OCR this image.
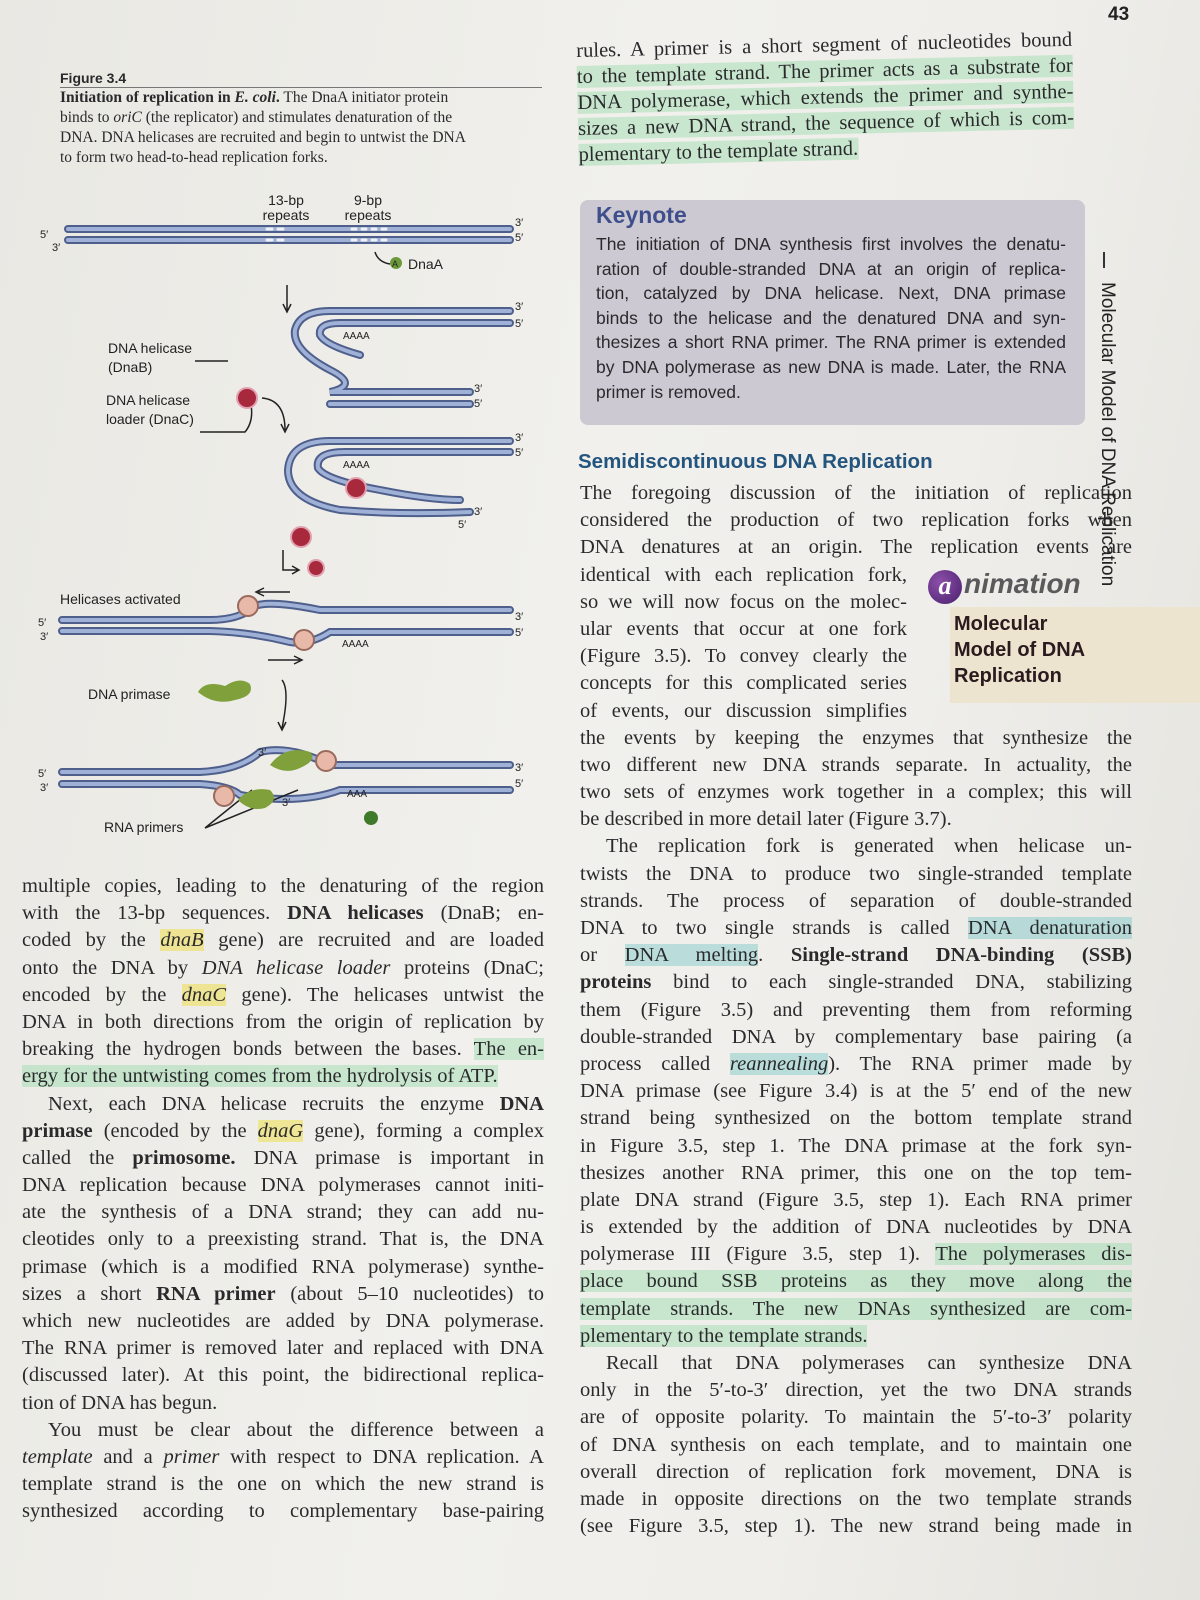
43
Figure 3.4
Initiation of replication in E. coli. The DnaA initiator protein
binds to oriC (the replicator) and stimulates denaturation of the
DNA. DNA helicases are recruited and begin to untwist the DNA
to form two head-to-head replication forks.
13-bp
repeats
9-bp
repeats
A DnaA
DNA helicase
(DnaB)
DNA helicase
loader (DnaC)
Helicases activated
DNA primase
RNA primers
AAAA
AAAA
AAAA
AAA
5′
3′
3′
5′
3′
5′
3′
5′
3′
5′
3′
5′
5′
3′
3′
5′
5′
3′
3′
5′
3′
3′
multiple copies, leading to the denaturing of the region
with the 13-bp sequences. DNA helicases (DnaB; en-
coded by the dnaB gene) are recruited and are loaded
onto the DNA by DNA helicase loader proteins (DnaC;
encoded by the dnaC gene). The helicases untwist the
DNA in both directions from the origin of replication by
breaking the hydrogen bonds between the bases. The en-
ergy for the untwisting comes from the hydrolysis of ATP.
Next, each DNA helicase recruits the enzyme DNA
primase (encoded by the dnaG gene), forming a complex
called the primosome. DNA primase is important in
DNA replication because DNA polymerases cannot initi-
ate the synthesis of a DNA strand; they can add nu-
cleotides only to a preexisting strand. That is, the DNA
primase (which is a modified RNA polymerase) synthe-
sizes a short RNA primer (about 5–10 nucleotides) to
which new nucleotides are added by DNA polymerase.
The RNA primer is removed later and replaced with DNA
(discussed later). At this point, the bidirectional replica-
tion of DNA has begun.
You must be clear about the difference between a
template and a primer with respect to DNA replication. A
template strand is the one on which the new strand is
synthesized according to complementary base-pairing
rules. A primer is a short segment of nucleotides bound
to the template strand. The primer acts as a substrate for
DNA polymerase, which extends the primer and synthe-
sizes a new DNA strand, the sequence of which is com-
plementary to the template strand.
Keynote
The initiation of DNA synthesis first involves the denatu-
ration of double-stranded DNA at an origin of replica-
tion, catalyzed by DNA helicase. Next, DNA primase
binds to the helicase and the denatured DNA and syn-
thesizes a short RNA primer. The RNA primer is extended
by DNA polymerase as new DNA is made. Later, the RNA
primer is removed.
Semidiscontinuous DNA Replication
Molecular
Model of DNA
Replication
a nimation
The foregoing discussion of the initiation of replication
considered the production of two replication forks when
DNA denatures at an origin. The replication events are
identical with each replication fork,
so we will now focus on the molec-
ular events that occur at one fork
(Figure 3.5). To convey clearly the
concepts for this complicated series
of events, our discussion simplifies
the events by keeping the enzymes that synthesize the
two different new DNA strands separate. In actuality, the
two sets of enzymes work together in a complex; this will
be described in more detail later (Figure 3.7).
The replication fork is generated when helicase un-
twists the DNA to produce two single-stranded template
strands. The process of separation of double-stranded
DNA to two single strands is called DNA denaturation
or DNA melting. Single-strand DNA-binding (SSB)
proteins bind to each single-stranded DNA, stabilizing
them (Figure 3.5) and preventing them from reforming
double-stranded DNA by complementary base pairing (a
process called reannealing). The RNA primer made by
DNA primase (see Figure 3.4) is at the 5′ end of the new
strand being synthesized on the bottom template strand
in Figure 3.5, step 1. The DNA primase at the fork syn-
thesizes another RNA primer, this one on the top tem-
plate DNA strand (Figure 3.5, step 1). Each RNA primer
is extended by the addition of DNA nucleotides by DNA
polymerase III (Figure 3.5, step 1). The polymerases dis-
place bound SSB proteins as they move along the
template strands. The new DNAs synthesized are com-
plementary to the template strands.
Recall that DNA polymerases can synthesize DNA
only in the 5′-to-3′ direction, yet the two DNA strands
are of opposite polarity. To maintain the 5′-to-3′ polarity
of DNA synthesis on each template, and to maintain one
overall direction of replication fork movement, DNA is
made in opposite directions on the two template strands
(see Figure 3.5, step 1). The new strand being made in
Molecular Model of DNA Replication
